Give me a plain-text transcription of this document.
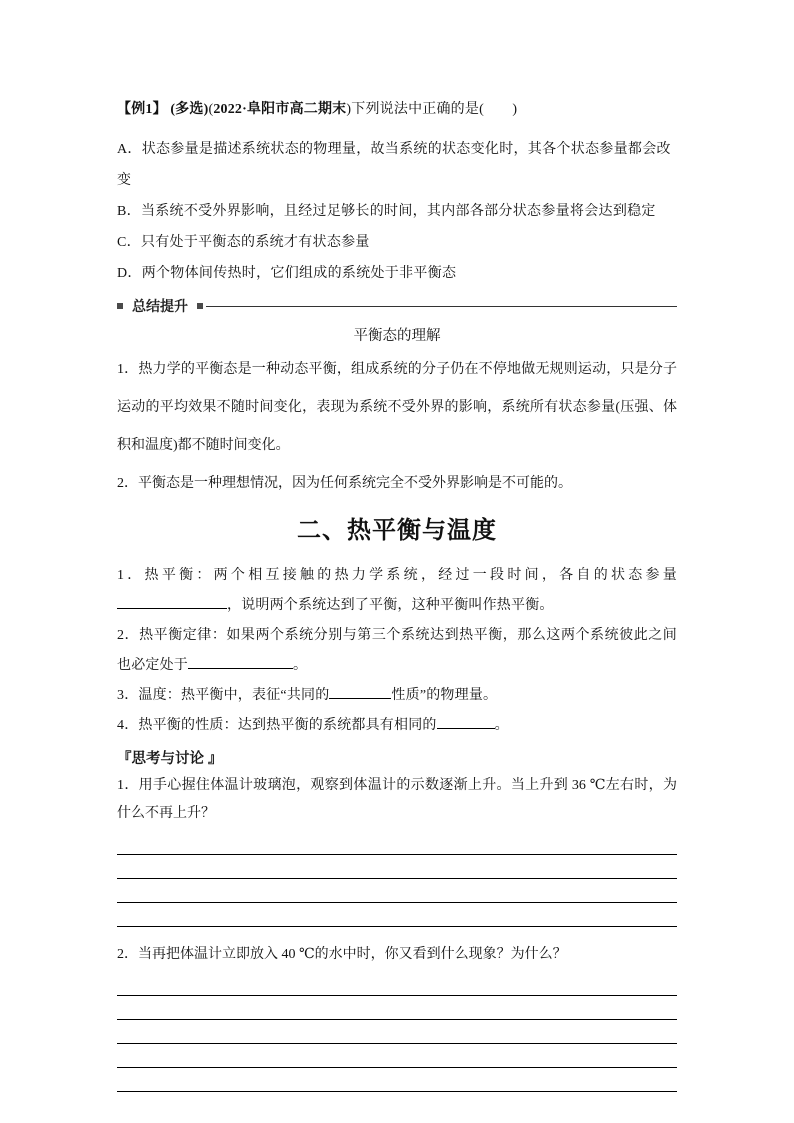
【例1】 (多选)(2022·阜阳市高二期末)下列说法中正确的是(　　)

A．状态参量是描述系统状态的物理量，故当系统的状态变化时，其各个状态参量都会改变

B．当系统不受外界影响，且经过足够长的时间，其内部各部分状态参量将会达到稳定

C．只有处于平衡态的系统才有状态参量

D．两个物体间传热时，它们组成的系统处于非平衡态

总结提升

平衡态的理解

1．热力学的平衡态是一种动态平衡，组成系统的分子仍在不停地做无规则运动，只是分子运动的平均效果不随时间变化，表现为系统不受外界的影响，系统所有状态参量(压强、体积和温度)都不随时间变化。

2．平衡态是一种理想情况，因为任何系统完全不受外界影响是不可能的。

二、热平衡与温度

1．热平衡：两个相互接触的热力学系统，经过一段时间，各自的状态参量，说明两个系统达到了平衡，这种平衡叫作热平衡。

2．热平衡定律：如果两个系统分别与第三个系统达到热平衡，那么这两个系统彼此之间也必定处于	。

3．温度：热平衡中，表征“共同的	性质”的物理量。

4．热平衡的性质：达到热平衡的系统都具有相同的	。

『思考与讨论 』

1．用手心握住体温计玻璃泡，观察到体温计的示数逐渐上升。当上升到 36 ℃左右时，为什么不再上升？

2．当再把体温计立即放入 40 ℃的水中时，你又看到什么现象？为什么？
